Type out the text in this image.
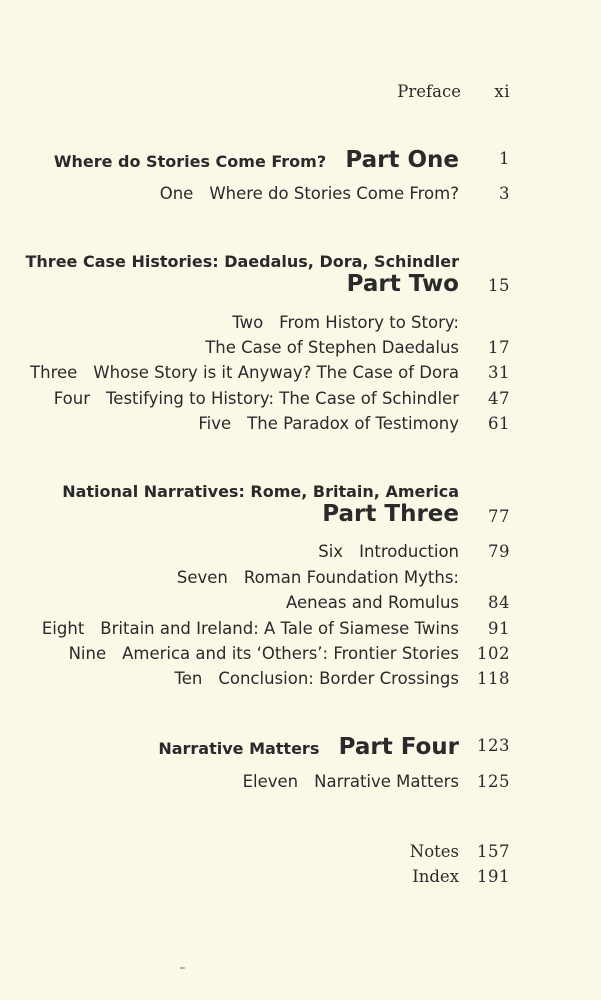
Preface	xi
Where do Stories Come From? Part One	1
One Where do Stories Come From?	3
Three Case Histories: Daedalus, Dora, Schindler
Part Two	15
Two From History to Story:
The Case of Stephen Daedalus	17
Three Whose Story is it Anyway? The Case of Dora	31
Four Testifying to History: The Case of Schindler	47
Five The Paradox of Testimony	61
National Narratives: Rome, Britain, America
Part Three	77
Six Introduction	79
Seven Roman Foundation Myths:
Aeneas and Romulus	84
Eight Britain and Ireland: A Tale of Siamese Twins	91
Nine America and its ‘Others’: Frontier Stories 102
Ten Conclusion: Border Crossings 118
Narrative Matters Part Four 123
Eleven Narrative Matters 125
Notes 157
Index 191
